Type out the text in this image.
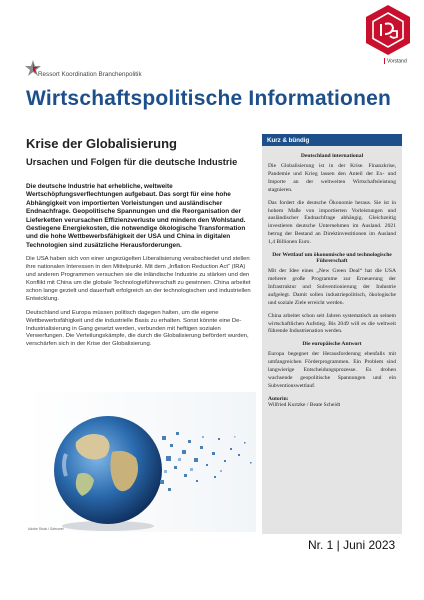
Vorstand
Ressort Koordination Branchenpolitik
Wirtschaftspolitische Informationen
Krise der Globalisierung
Ursachen und Folgen für die deutsche Industrie
Die deutsche Industrie hat erhebliche, weltweite Wertschöpfungsverflechtungen aufgebaut. Das sorgt für eine hohe Abhängigkeit von importierten Vorleistungen und ausländischer Endnachfrage. Geopolitische Spannungen und die Reorganisation der Lieferketten verursachen Effizienzverluste und mindern den Wohlstand. Gestiegene Energiekosten, die notwendige ökologische Transformation und die hohe Wettbewerbsfähigkeit der USA und China in digitalen Technologien sind zusätzliche Herausforderungen.
Die USA haben sich von einer ungezügelten Liberalisierung verabschiedet und stellen ihre nationalen Interessen in den Mittelpunkt. Mit dem „Inflation Reduction Act“ (IRA) und anderen Programmen versuchen sie die inländische Industrie zu stärken und den Konflikt mit China um die globale Technologieführerschaft zu gewinnen. China arbeitet schon lange gezielt und dauerhaft erfolgreich an der technologischen und industriellen Entwicklung.
Deutschland und Europa müssen politisch dagegen halten, um die eigene Wettbewerbsfähigkeit und die industrielle Basis zu erhalten. Sonst könnte eine De-Industrialisierung in Gang gesetzt werden, verbunden mit heftigen sozialen Verwerfungen. Die Verteilungskämpfe, die durch die Globalisierung befördert wurden, verschärfen sich in der Krise der Globalisierung.
Adobe Stock / Sdecoret
Kurz & bündig
Deutschland international
Die Globalisierung ist in der Krise. Finanzkrise, Pandemie und Krieg lassen den Anteil der Ex- und Importe an der weltweiten Wirtschaftsleistung stagnieren.
Das fordert die deutsche Ökonomie heraus. Sie ist in hohem Maße von importierten Vorleistungen und ausländischer Endnachfrage abhängig. Gleichzeitig investieren deutsche Unternehmen im Ausland. 2021 betrug der Bestand an Direktinvestitionen im Ausland 1,4 Billionen Euro.
Der Wettlauf um ökonomische und technologische Führerschaft
Mit der Idee eines „New Green Deal“ hat die USA mehrere große Programme zur Erneuerung der Infrastruktur und Subventionierung der Industrie aufgelegt. Damit sollen industriepolitisch, ökologische und soziale Ziele erreicht werden.
China arbeitet schon seit Jahren systematisch an seinem wirtschaftlichen Aufstieg. Bis 2049 will es die weltweit führende Industrienation werden.
Die europäische Antwort
Europa begegnet der Herausforderung ebenfalls mit umfangreichen Förderprogrammen. Ein Problem sind langwierige Entscheidungsprozesse. Es drohen wachsende geopolitische Spannungen und ein Subventionswettlauf.
Autorin:
Wilfried Kurtzke / Beate Scheidt
Nr. 1 | Juni 2023
